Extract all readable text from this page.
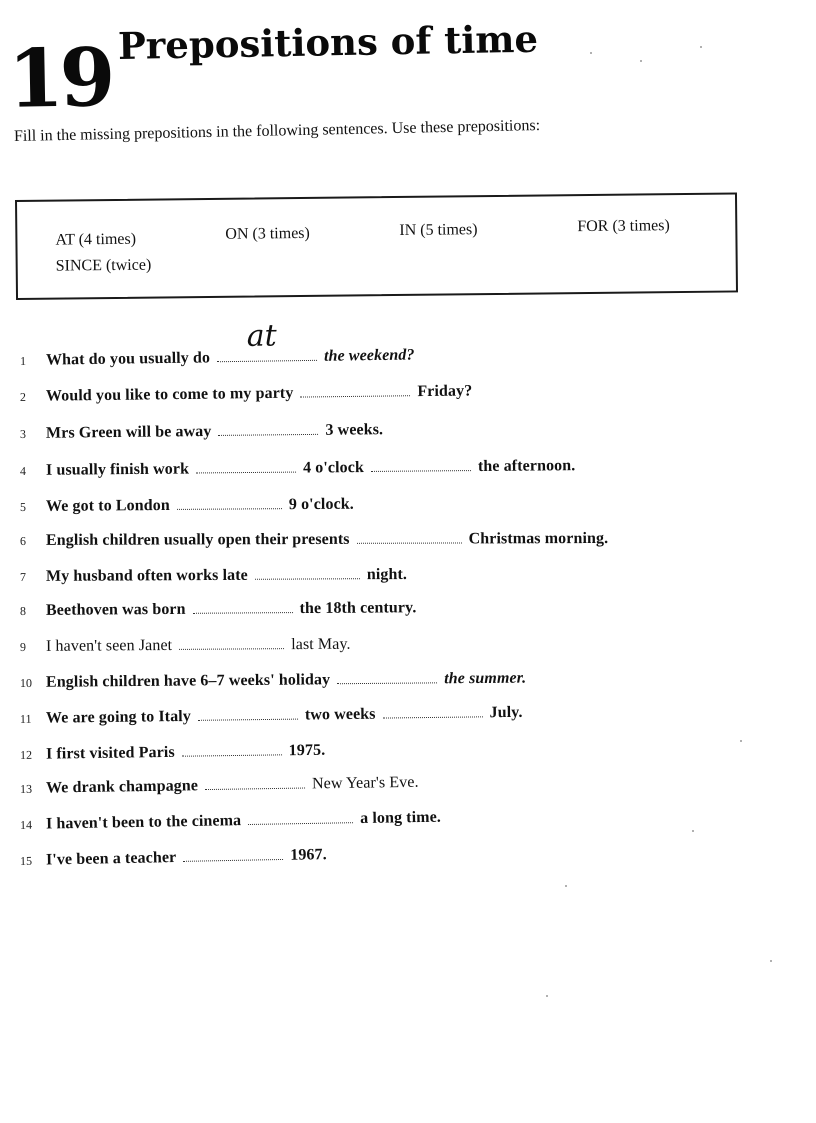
19 Prepositions of time
Fill in the missing prepositions in the following sentences. Use these prepositions:
AT (4 times)	ON (3 times)	IN (5 times)	FOR (3 times)
SINCE (twice)
1 What do you usually do
at
the weekend?
2 Would you like to come to my party	Friday?
3 Mrs Green will be away	3 weeks.
4 I usually finish work	4 o'clock	the afternoon.
5 We got to London	9 o'clock.
6 English children usually open their presents	Christmas morning.
7 My husband often works late	night.
8 Beethoven was born	the 18th century.
9 I haven't seen Janet	last May.
10 English children have 6–7 weeks' holiday	the summer.
11 We are going to Italy	two weeks	July.
12 I first visited Paris	1975.
13 We drank champagne	New Year's Eve.
14 I haven't been to the cinema	a long time.
15 I've been a teacher	1967.
